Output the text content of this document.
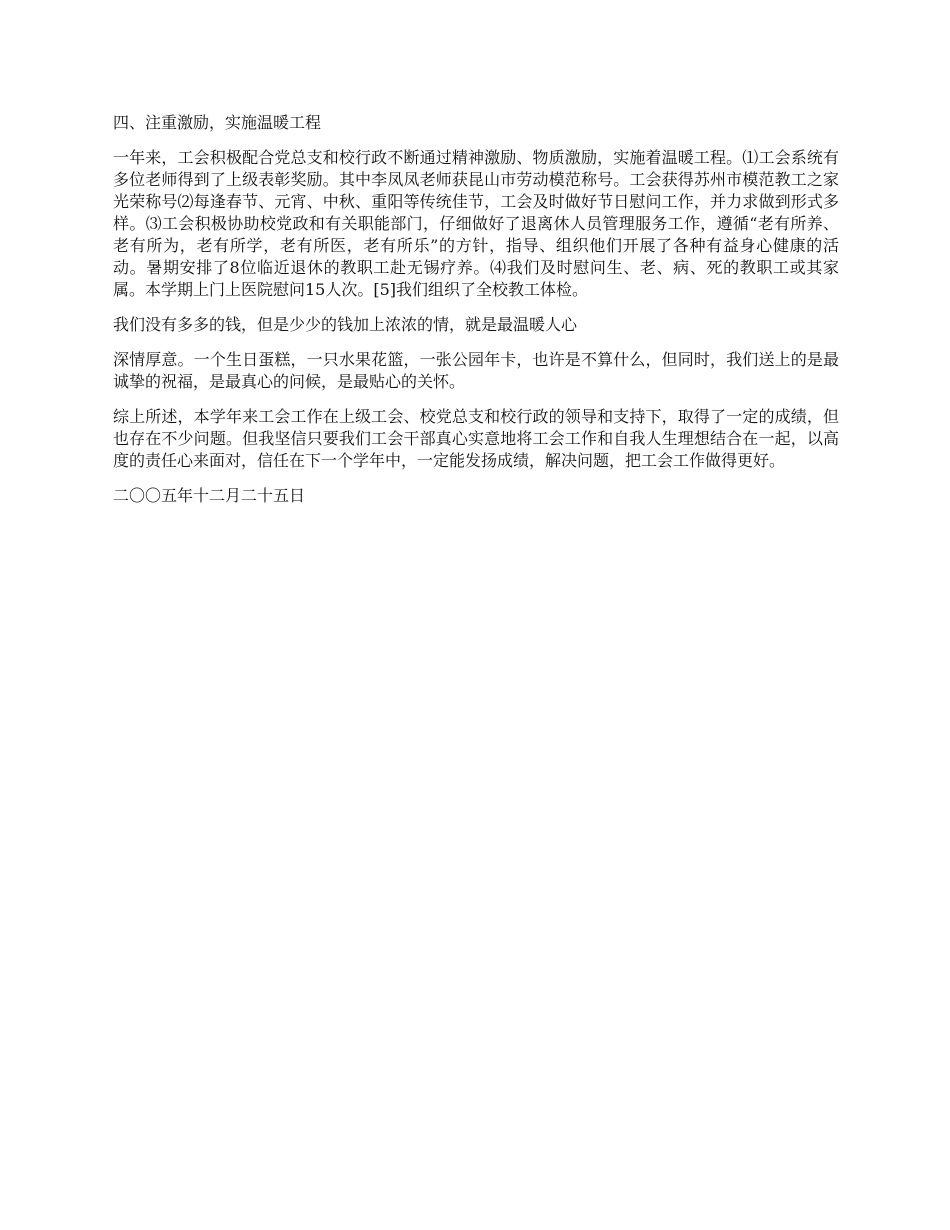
四、注重激励，实施温暖工程

一年来，工会积极配合党总支和校行政不断通过精神激励、物质激励，实施着温暖工程。⑴工会系统有多位老师得到了上级表彰奖励。其中李凤凤老师获昆山市劳动模范称号。工会获得苏州市模范教工之家光荣称号⑵每逢春节、元宵、中秋、重阳等传统佳节，工会及时做好节日慰问工作，并力求做到形式多样。⑶工会积极协助校党政和有关职能部门，仔细做好了退离休人员管理服务工作，遵循“老有所养、老有所为，老有所学，老有所医，老有所乐”的方针，指导、组织他们开展了各种有益身心健康的活动。暑期安排了8位临近退休的教职工赴无锡疗养。⑷我们及时慰问生、老、病、死的教职工或其家属。本学期上门上医院慰问15人次。[5]我们组织了全校教工体检。

我们没有多多的钱，但是少少的钱加上浓浓的情，就是最温暖人心

深情厚意。一个生日蛋糕，一只水果花篮，一张公园年卡，也许是不算什么，但同时，我们送上的是最诚挚的祝福，是最真心的问候，是最贴心的关怀。

综上所述，本学年来工会工作在上级工会、校党总支和校行政的领导和支持下，取得了一定的成绩，但也存在不少问题。但我坚信只要我们工会干部真心实意地将工会工作和自我人生理想结合在一起，以高度的责任心来面对，信任在下一个学年中，一定能发扬成绩，解决问题，把工会工作做得更好。

二〇〇五年十二月二十五日
